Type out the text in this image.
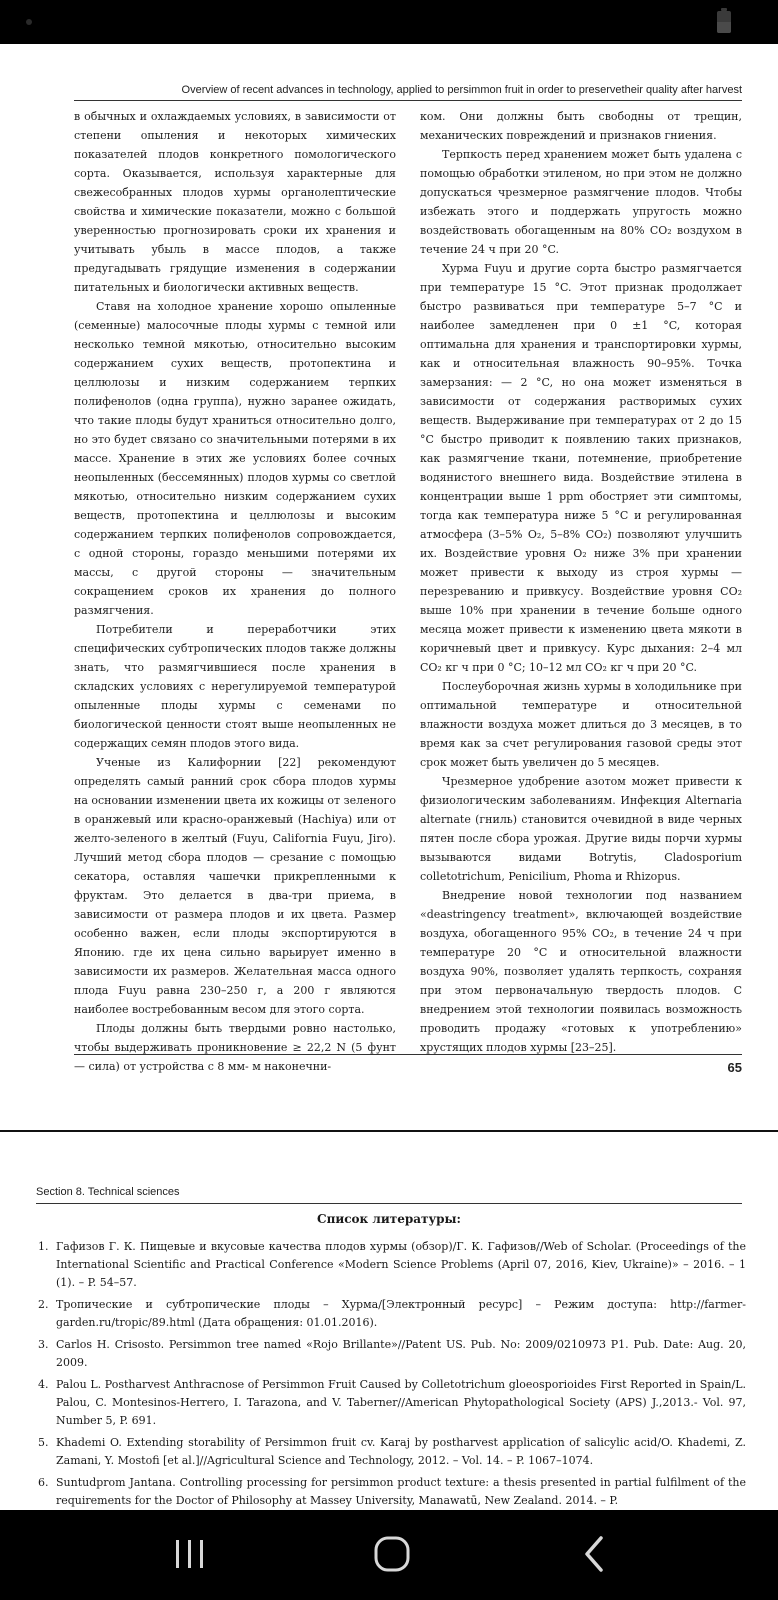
Overview of recent advances in technology, applied to persimmon fruit in order to preservetheir quality after harvest

в обычных и охлаждаемых условиях, в зависимости от степени опыления и некоторых химических показателей плодов конкретного помологического сорта. Оказывается, используя характерные для свежесобранных плодов хурмы органолептические свойства и химические показатели, можно с большой уверенностью прогнозировать сроки их хранения и учитывать убыль в массе плодов, а также предугадывать грядущие изменения в содержании питательных и биологически активных веществ.

Ставя на холодное хранение хорошо опыленные (семенные) малосочные плоды хурмы с темной или несколько темной мякотью, относительно высоким содержанием сухих веществ, протопектина и целлюлозы и низким содержанием терпких полифенолов (одна группа), нужно заранее ожидать, что такие плоды будут храниться относительно долго, но это будет связано со значительными потерями в их массе. Хранение в этих же условиях более сочных неопыленных (бессемянных) плодов хурмы со светлой мякотью, относительно низким содержанием сухих веществ, протопектина и целлюлозы и высоким содержанием терпких полифенолов сопровождается, с одной стороны, гораздо меньшими потерями их массы, с другой стороны — значительным сокращением сроков их хранения до полного размягчения.

Потребители и переработчики этих специфических субтропических плодов также должны знать, что размягчившиеся после хранения в складских условиях с нерегулируемой температурой опыленные плоды хурмы с семенами по биологической ценности стоят выше неопыленных не содержащих семян плодов этого вида.

Ученые из Калифорнии [22] рекомендуют определять самый ранний срок сбора плодов хурмы на основании изменении цвета их кожицы от зеленого в оранжевый или красно-оранжевый (Hachiya) или от желто-зеленого в желтый (Fuyu, California Fuyu, Jiro). Лучший метод сбора плодов — срезание с помощью секатора, оставляя чашечки прикрепленными к фруктам. Это делается в два-три приема, в зависимости от размера плодов и их цвета. Размер особенно важен, если плоды экспортируются в Японию. где их цена сильно варьирует именно в зависимости их размеров. Желательная масса одного плода Fuyu равна 230–250 г, а 200 г являются наиболее востребованным весом для этого сорта.

Плоды должны быть твердыми ровно настолько, чтобы выдерживать проникновение ≥ 22,2 N (5 фунт — сила) от устройства с 8 мм- м наконечни-

ком. Они должны быть свободны от трещин, механических повреждений и признаков гниения.

Терпкость перед хранением может быть удалена с помощью обработки этиленом, но при этом не должно допускаться чрезмерное размягчение плодов. Чтобы избежать этого и поддержать упругость можно воздействовать обогащенным на 80% CO₂ воздухом в течение 24 ч при 20 °C.

Хурма Fuyu и другие сорта быстро размягчается при температуре 15 °C. Этот признак продолжает быстро развиваться при температуре 5–7 °C и наиболее замедленен при 0 ±1 °C, которая оптимальна для хранения и транспортировки хурмы, как и относительная влажность 90–95%. Точка замерзания: — 2 °C, но она может изменяться в зависимости от содержания растворимых сухих веществ. Выдерживание при температурах от 2 до 15 °C быстро приводит к появлению таких признаков, как размягчение ткани, потемнение, приобретение водянистого внешнего вида. Воздействие этилена в концентрации выше 1 ppm обостряет эти симптомы, тогда как температура ниже 5 °C и регулированная атмосфера (3–5% O₂, 5–8% CO₂) позволяют улучшить их. Воздействие уровня O₂ ниже 3% при хранении может привести к выходу из строя хурмы — перезреванию и привкусу. Воздействие уровня CO₂ выше 10% при хранении в течение больше одного месяца может привести к изменению цвета мякоти в коричневый цвет и привкусу. Курс дыхания: 2–4 мл CO₂ кг ч при 0 °C; 10–12 мл CO₂ кг ч при 20 °C.

Послеуборочная жизнь хурмы в холодильнике при оптимальной температуре и относительной влажности воздуха может длиться до 3 месяцев, в то время как за счет регулирования газовой среды этот срок может быть увеличен до 5 месяцев.

Чрезмерное удобрение азотом может привести к физиологическим заболеваниям. Инфекция Alternaria alternate (гниль) становится очевидной в виде черных пятен после сбора урожая. Другие виды порчи хурмы вызываются видами Botrytis, Cladosporium colletotrichum, Penicilium, Phoma и Rhizopus.

Внедрение новой технологии под названием «deastringency treatment», включающей воздействие воздуха, обогащенного 95% CO₂, в течение 24 ч при температуре 20 °C и относительной влажности воздуха 90%, позволяет удалять терпкость, сохраняя при этом первоначальную твердость плодов. С внедрением этой технологии появилась возможность проводить продажу «готовых к употреблению» хрустящих плодов хурмы [23–25].

65
Section 8. Technical sciences
Список литературы:
1. Гафизов Г. К. Пищевые и вкусовые качества плодов хурмы (обзор)/Г. К. Гафизов//Web of Scholar. (Proceedings of the International Scientific and Practical Conference «Modern Science Problems (April 07, 2016, Kiev, Ukraine)» – 2016. – 1 (1). – P. 54–57.
2. Тропические и субтропические плоды – Хурма/[Электронный ресурс] – Режим доступа: http://farmer-garden.ru/tropic/89.html (Дата обращения: 01.01.2016).
3. Carlos H. Crisosto. Persimmon tree named «Rojo Brillante»//Patent US. Pub. No: 2009/0210973 P1. Pub. Date: Aug. 20, 2009.
4. Palou L. Postharvest Anthracnose of Persimmon Fruit Caused by Colletotrichum gloeosporioides First Reported in Spain/L. Palou, C. Montesinos-Herrero, I. Tarazona, and V. Taberner//American Phytopathological Society (APS) J.,2013.- Vol. 97, Number 5, P. 691.
5. Khademi O. Extending storability of Persimmon fruit cv. Karaj by postharvest application of salicylic acid/O. Khademi, Z. Zamani, Y. Mostofi [et al.]//Agricultural Science and Technology, 2012. – Vol. 14. – P. 1067–1074.
6. Suntudprom Jantana. Controlling processing for persimmon product texture: a thesis presented in partial fulfilment of the requirements for the Doctor of Philosophy at Massey University, Manawatū, New Zealand. 2014. – P.
